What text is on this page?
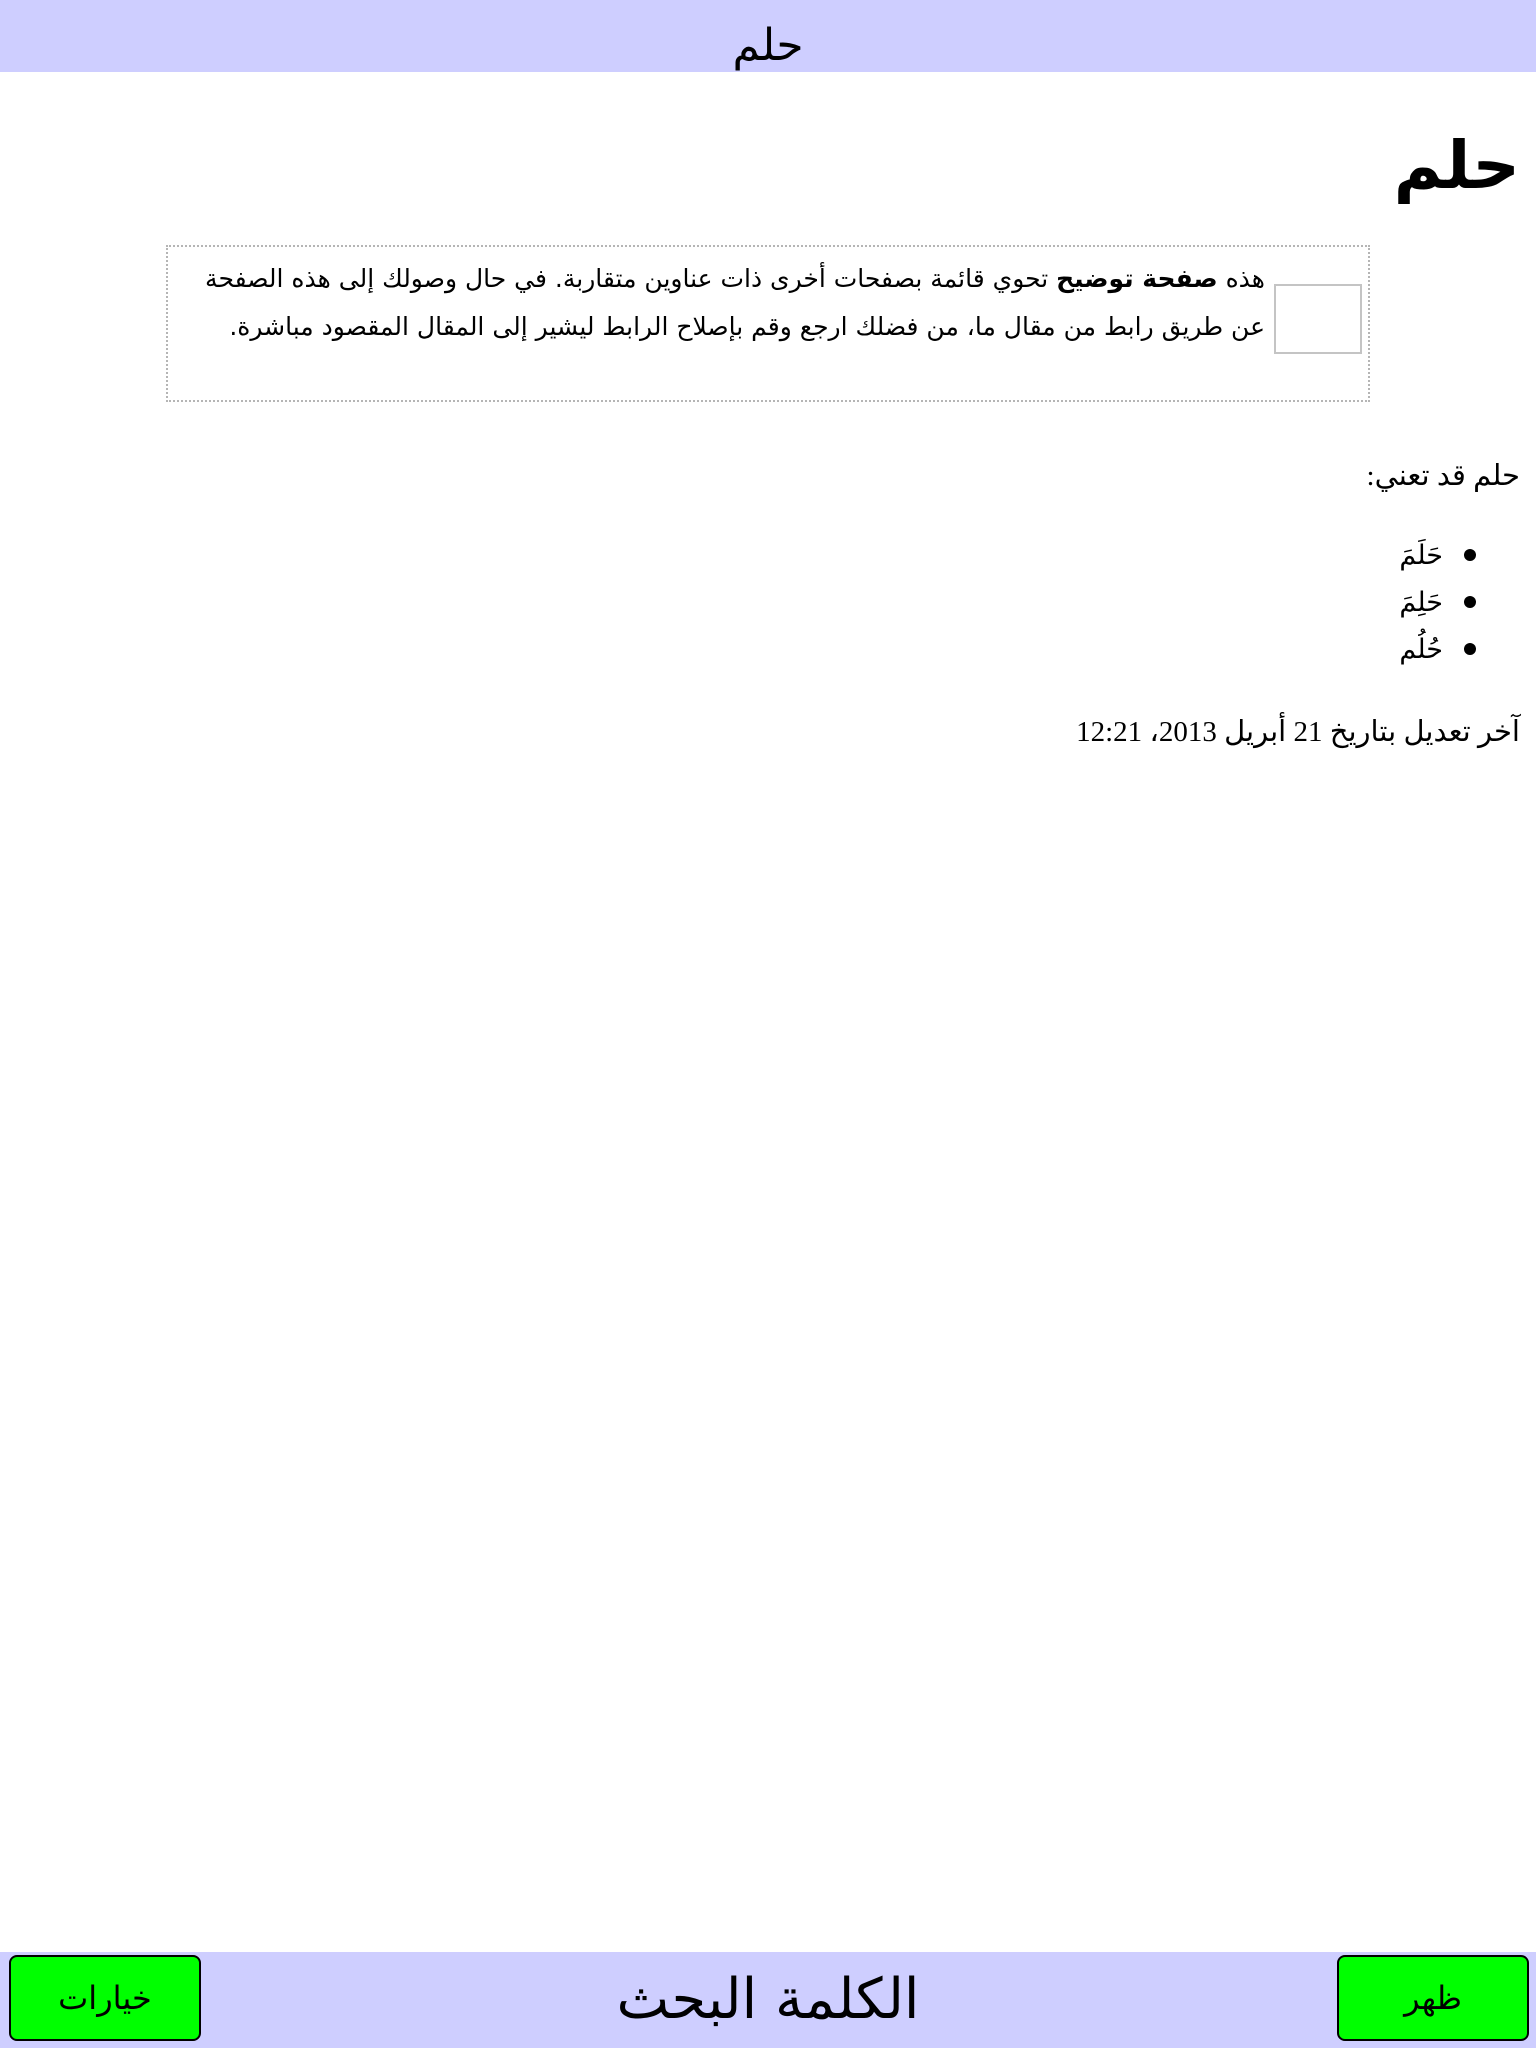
حلم
حلم

هذه صفحة توضيح تحوي قائمة بصفحات أخرى ذات عناوين متقاربة. في حال وصولك إلى هذه الصفحة عن طريق رابط من مقال ما، من فضلك ارجع وقم بإصلاح الرابط ليشير إلى المقال المقصود مباشرة.

حلم قد تعني:

حَلَمَ
حَلِمَ
حُلُم

آخر تعديل بتاريخ 21 أبريل 2013، 12:21

الكلمة البحث	ظهر
خيارات
